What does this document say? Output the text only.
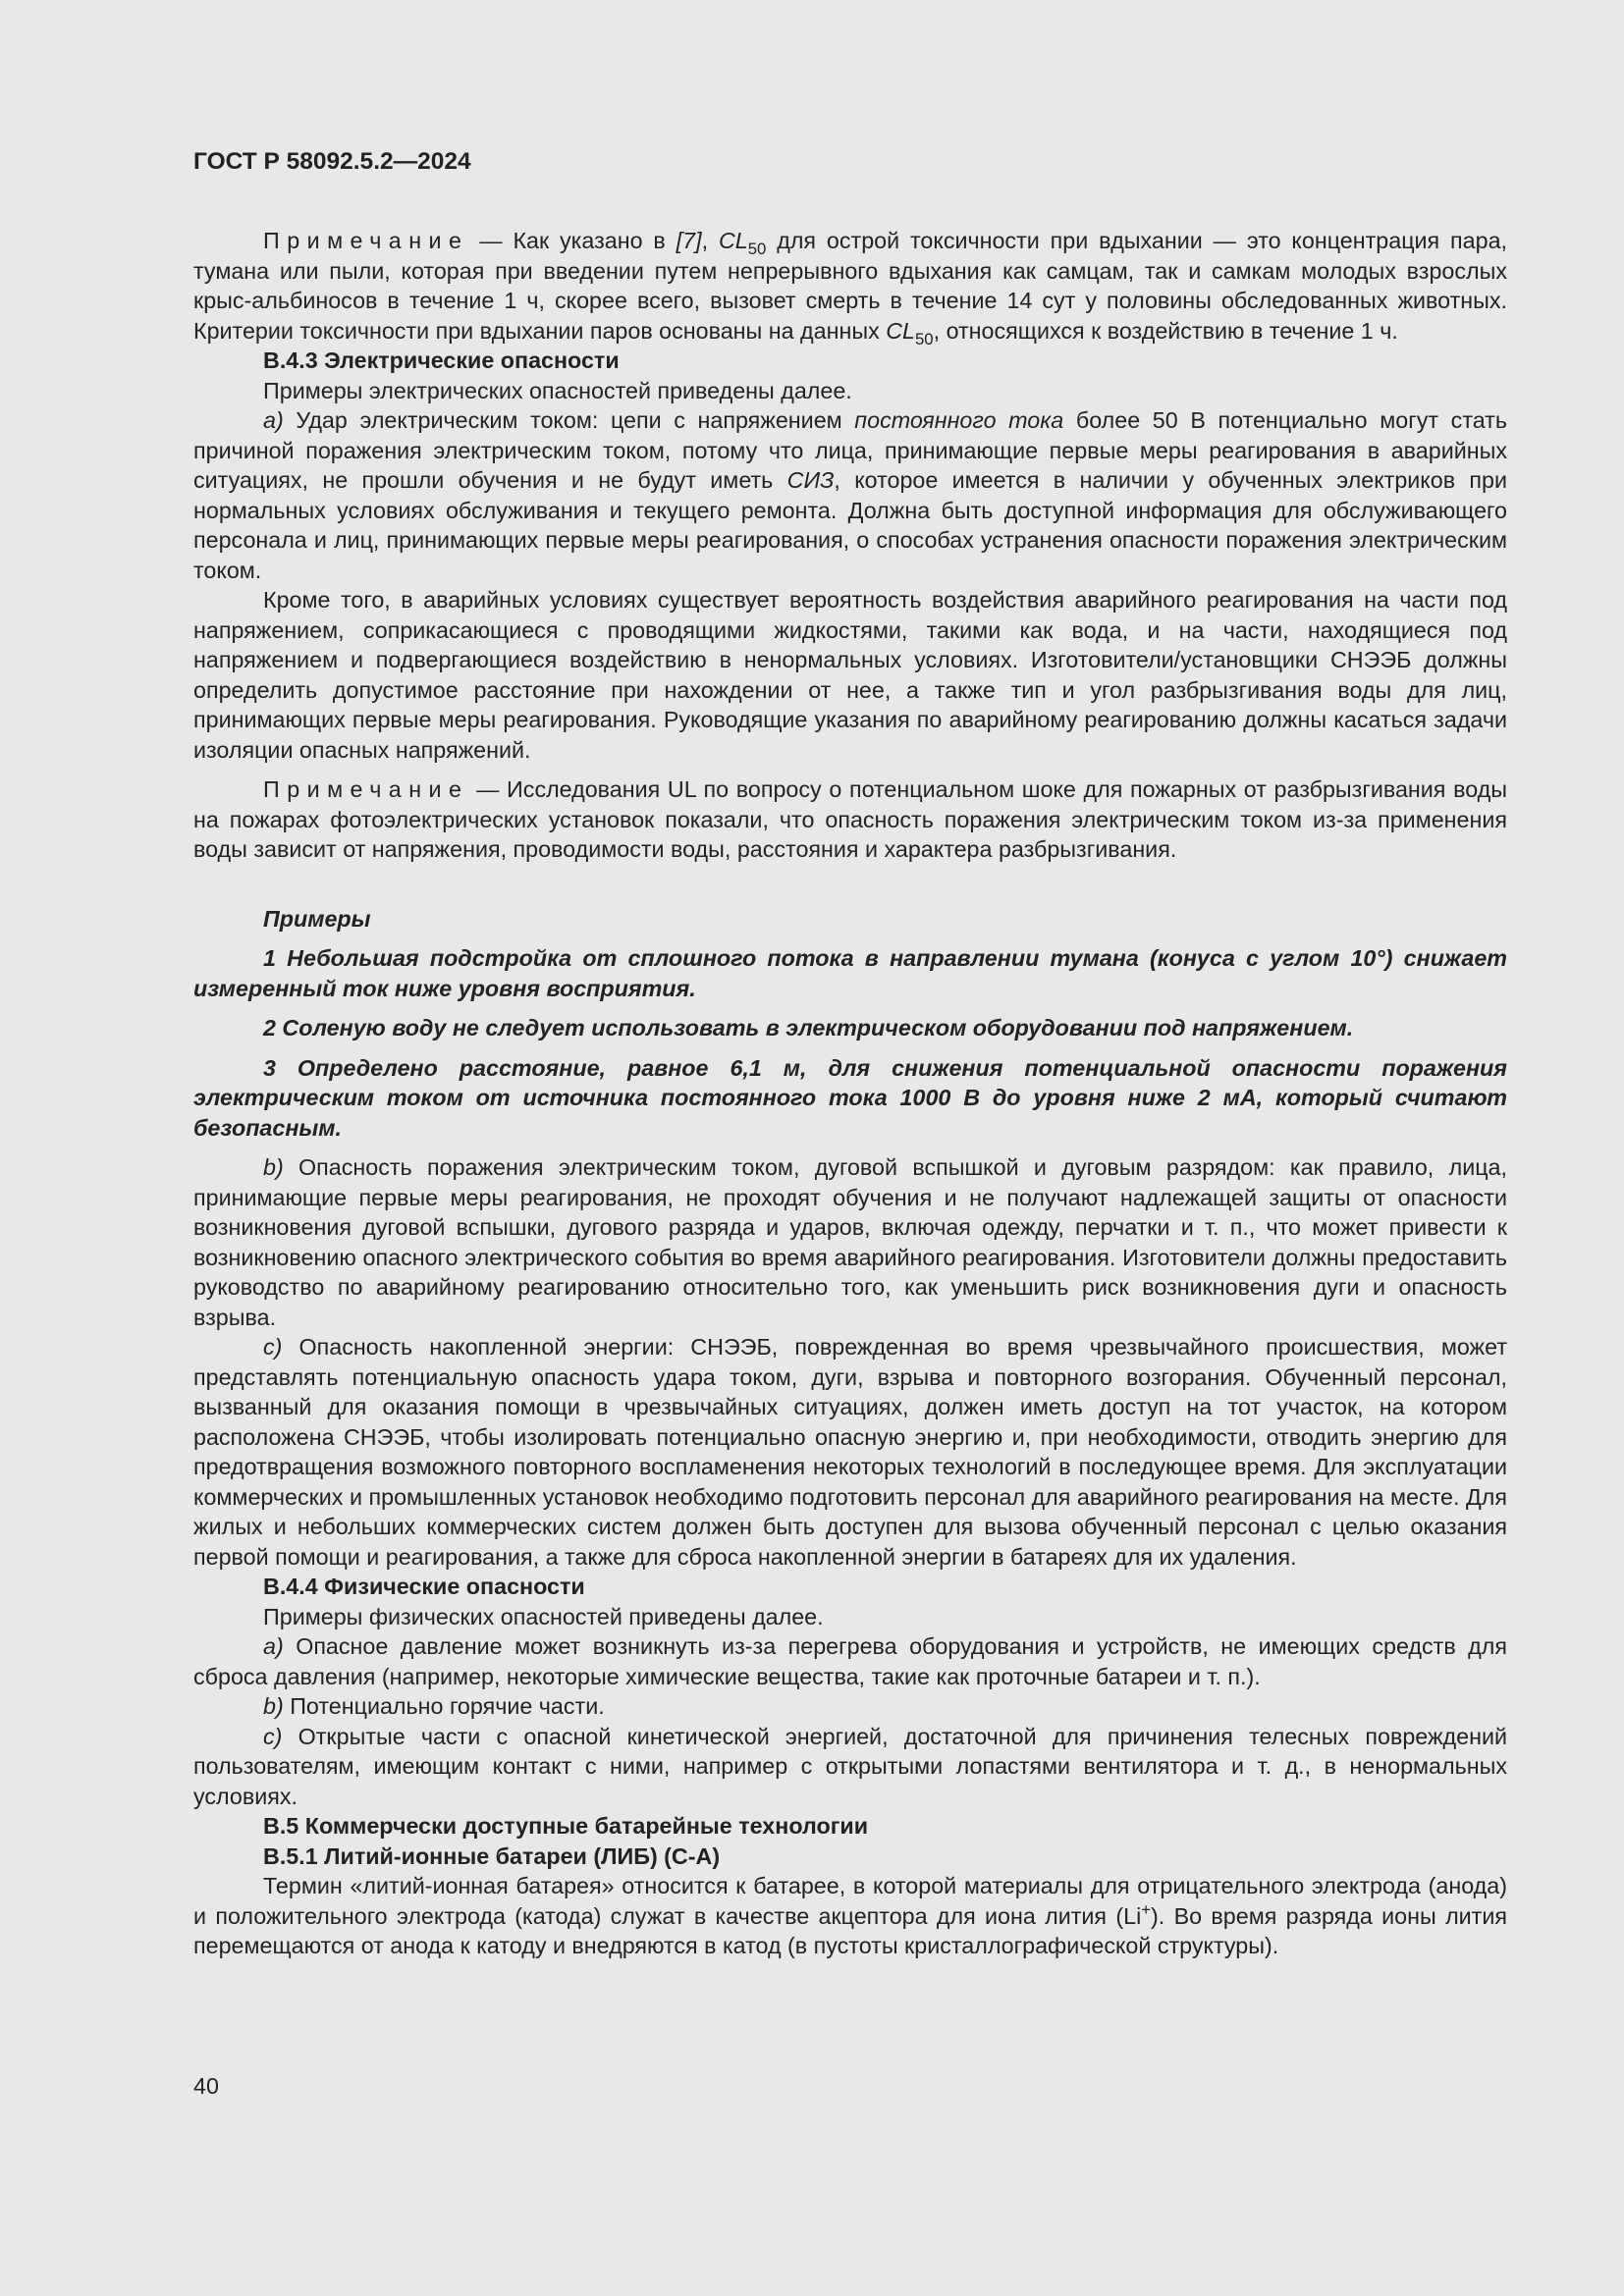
ГОСТ Р 58092.5.2—2024

Примечание — Как указано в [7], $CL_{50}$ для острой токсичности при вдыхании — это концентрация пара, тумана или пыли, которая при введении путем непрерывного вдыхания как самцам, так и самкам молодых взрослых крыс-альбиносов в течение 1 ч, скорее всего, вызовет смерть в течение 14 сут у половины обследованных животных. Критерии токсичности при вдыхании паров основаны на данных $CL_{50}$, относящихся к воздействию в течение 1 ч.

В.4.3 Электрические опасности

Примеры электрических опасностей приведены далее.

a) Удар электрическим током: цепи с напряжением постоянного тока более 50 В потенциально могут стать причиной поражения электрическим током, потому что лица, принимающие первые меры реагирования в аварийных ситуациях, не прошли обучения и не будут иметь СИЗ, которое имеется в наличии у обученных электриков при нормальных условиях обслуживания и текущего ремонта. Должна быть доступной информация для обслуживающего персонала и лиц, принимающих первые меры реагирования, о способах устранения опасности поражения электрическим током.

Кроме того, в аварийных условиях существует вероятность воздействия аварийного реагирования на части под напряжением, соприкасающиеся с проводящими жидкостями, такими как вода, и на части, находящиеся под напряжением и подвергающиеся воздействию в ненормальных условиях. Изготовители/установщики СНЭЭБ должны определить допустимое расстояние при нахождении от нее, а также тип и угол разбрызгивания воды для лиц, принимающих первые меры реагирования. Руководящие указания по аварийному реагированию должны касаться задачи изоляции опасных напряжений.

Примечание — Исследования UL по вопросу о потенциальном шоке для пожарных от разбрызгивания воды на пожарах фотоэлектрических установок показали, что опасность поражения электрическим током из-за применения воды зависит от напряжения, проводимости воды, расстояния и характера разбрызгивания.

Примеры

1 Небольшая подстройка от сплошного потока в направлении тумана (конуса с углом 10°) снижает измеренный ток ниже уровня восприятия.

2 Соленую воду не следует использовать в электрическом оборудовании под напряжением.

3 Определено расстояние, равное 6,1 м, для снижения потенциальной опасности поражения электрическим током от источника постоянного тока 1000 В до уровня ниже 2 мА, который считают безопасным.

b) Опасность поражения электрическим током, дуговой вспышкой и дуговым разрядом: как правило, лица, принимающие первые меры реагирования, не проходят обучения и не получают надлежащей защиты от опасности возникновения дуговой вспышки, дугового разряда и ударов, включая одежду, перчатки и т. п., что может привести к возникновению опасного электрического события во время аварийного реагирования. Изготовители должны предоставить руководство по аварийному реагированию относительно того, как уменьшить риск возникновения дуги и опасность взрыва.

c) Опасность накопленной энергии: СНЭЭБ, поврежденная во время чрезвычайного происшествия, может представлять потенциальную опасность удара током, дуги, взрыва и повторного возгорания. Обученный персонал, вызванный для оказания помощи в чрезвычайных ситуациях, должен иметь доступ на тот участок, на котором расположена СНЭЭБ, чтобы изолировать потенциально опасную энергию и, при необходимости, отводить энергию для предотвращения возможного повторного воспламенения некоторых технологий в последующее время. Для эксплуатации коммерческих и промышленных установок необходимо подготовить персонал для аварийного реагирования на месте. Для жилых и небольших коммерческих систем должен быть доступен для вызова обученный персонал с целью оказания первой помощи и реагирования, а также для сброса накопленной энергии в батареях для их удаления.

В.4.4 Физические опасности

Примеры физических опасностей приведены далее.

a) Опасное давление может возникнуть из-за перегрева оборудования и устройств, не имеющих средств для сброса давления (например, некоторые химические вещества, такие как проточные батареи и т. п.).

b) Потенциально горячие части.

c) Открытые части с опасной кинетической энергией, достаточной для причинения телесных повреждений пользователям, имеющим контакт с ними, например с открытыми лопастями вентилятора и т. д., в ненормальных условиях.

В.5 Коммерчески доступные батарейные технологии
В.5.1 Литий-ионные батареи (ЛИБ) (C-A)

Термин «литий-ионная батарея» относится к батарее, в которой материалы для отрицательного электрода (анода) и положительного электрода (катода) служат в качестве акцептора для иона лития (Li+). Во время разряда ионы лития перемещаются от анода к катоду и внедряются в катод (в пустоты кристаллографической структуры).

40
